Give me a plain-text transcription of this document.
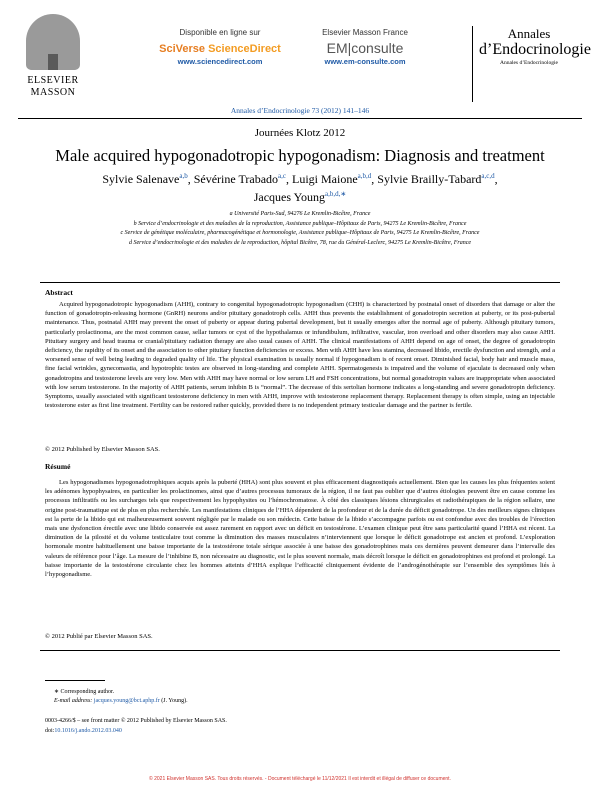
ELSEVIER
MASSON
Disponible en ligne sur
SciVerse ScienceDirect
www.sciencedirect.com
Elsevier Masson France
EM|consulte
www.em-consulte.com
Annales
d’Endocrinologie
Annales d’Endocrinologie
Annales d’Endocrinologie 73 (2012) 141–146
Journées Klotz 2012
Male acquired hypogonadotropic hypogonadism: Diagnosis and treatment
Sylvie Salenave$^{a,b}$, Sévérine Trabado$^{a,c}$, Luigi Maione$^{a,b,d}$, Sylvie Brailly-Tabard$^{a,c,d}$,
Jacques Young$^{a,b,d,∗}$
a Université Paris-Sud, 94276 Le Kremlin-Bicêtre, France
b Service d’endocrinologie et des maladies de la reproduction, Assistance publique–Hôpitaux de Paris, 94275 Le Kremlin-Bicêtre, France
c Service de génétique moléculaire, pharmacogénétique et hormonologie, Assistance publique–Hôpitaux de Paris, 94275 Le Kremlin-Bicêtre, France
d Service d’endocrinologie et des maladies de la reproduction, hôpital Bicêtre, 78, rue du Général-Leclerc, 94275 Le Kremlin-Bicêtre, France
Abstract
Acquired hypogonadotropic hypogonadism (AHH), contrary to congenital hypogonadotropic hypogonadism (CHH) is characterized by postnatal onset of disorders that damage or alter the function of gonadotropin-releasing hormone (GnRH) neurons and/or pituitary gonadotroph cells. AHH thus prevents the establishment of gonadotropin secretion at puberty, or its post-pubertal maintenance. Thus, postnatal AHH may prevent the onset of puberty or appear during pubertal development, but it usually emerges after the normal age of puberty. Although pituitary tumors, particularly prolactinoma, are the most common cause, sellar tumors or cyst of the hypothalamus or infundibulum, infiltrative, vascular, iron overload and other disorders may also cause AHH. Pituitary surgery and head trauma or cranial/pituitary radiation therapy are also usual causes of AHH. The clinical manifestations of AHH depend on age of onset, the degree of gonadotropin deficiency, the rapidity of its onset and the association to other pituitary function deficiencies or excess. Men with AHH have less stamina, decreased libido, erectile dysfunction and strength, and a worsened sense of well being leading to degraded quality of life. The physical examination is usually normal if hypogonadism is of recent onset. Diminished facial, body hair and muscle mass, fine facial wrinkles, gynecomastia, and hypotrophic testes are observed in long-standing and complete AHH. Spermatogenesis is impaired and the volume of ejaculate is decreased only when gonadotropins and testosterone levels are very low. Men with AHH may have normal or low serum LH and FSH concentrations, but normal gonadotropin values are inappropriate when associated with low serum testosterone. In the majority of AHH patients, serum inhibin B is “normal”. The decrease of this sertolian hormone indicates a long-standing and severe gonadotropin deficiency. Symptoms, usually associated with significant testosterone deficiency in men with AHH, improve with testosterone replacement therapy. Replacement therapy is often simple, using an injectable testosterone ester as first line treatment. Fertility can be restored rather quickly, provided there is no independent primary testicular damage and the partner is fertile.
© 2012 Published by Elsevier Masson SAS.
Résumé
Les hypogonadismes hypogonadotrophiques acquis après la puberté (HHA) sont plus souvent et plus efficacement diagnostiqués actuellement. Bien que les causes les plus fréquentes soient les adénomes hypophysaires, en particulier les prolactinomes, ainsi que d’autres processus tumoraux de la région, il ne faut pas oublier que d’autres étiologies peuvent être en cause comme les processus infiltratifs ou les surcharges tels que respectivement les hypophysites ou l’hémochromatose. À côté des classiques lésions chirurgicales et radiothérapiques de la région sellaire, une origine post-traumatique est de plus en plus recherchée. Les manifestations cliniques de l’HHA dépendent de la profondeur et de la durée du déficit gonadotrope. Un des meilleurs signes cliniques est la perte de la libido qui est malheureusement souvent négligée par le malade ou son médecin. Cette baisse de la libido s’accompagne parfois ou est confondue avec des troubles de l’érection mais une dysfonction érectile avec une libido conservée est assez rarement en rapport avec un déficit en testostérone. L’examen clinique peut être sans particularité quand l’HHA est récent. La diminution de la pilosité et du volume testiculaire tout comme la diminution des masses musculaires n’interviennent que lorsque le déficit gonadotrope est ancien et profond. L’exploration hormonale montre habituellement une baisse importante de la testostérone totale sérique associée à une baisse des gonadotrophines mais ces dernières peuvent demeurer dans l’intervalle des valeurs de référence pour l’âge. La mesure de l’inhibine B, non nécessaire au diagnostic, est le plus souvent normale, mais décroît lorsque le déficit en gonadotrophines est profond et prolongé. La baisse importante de la testostérone circulante chez les hommes atteints d’HHA explique l’efficacité cliniquement évidente de l’androgénothérapie sur l’ensemble des symptômes liés à l’hypogonadisme.
© 2012 Publié par Elsevier Masson SAS.
∗ Corresponding author.
E-mail address: jacques.young@bct.aphp.fr (J. Young).
0003-4266/$ – see front matter © 2012 Published by Elsevier Masson SAS.
doi:10.1016/j.ando.2012.03.040
© 2021 Elsevier Masson SAS. Tous droits réservés. - Document téléchargé le 11/12/2021 Il est interdit et illégal de diffuser ce document.
